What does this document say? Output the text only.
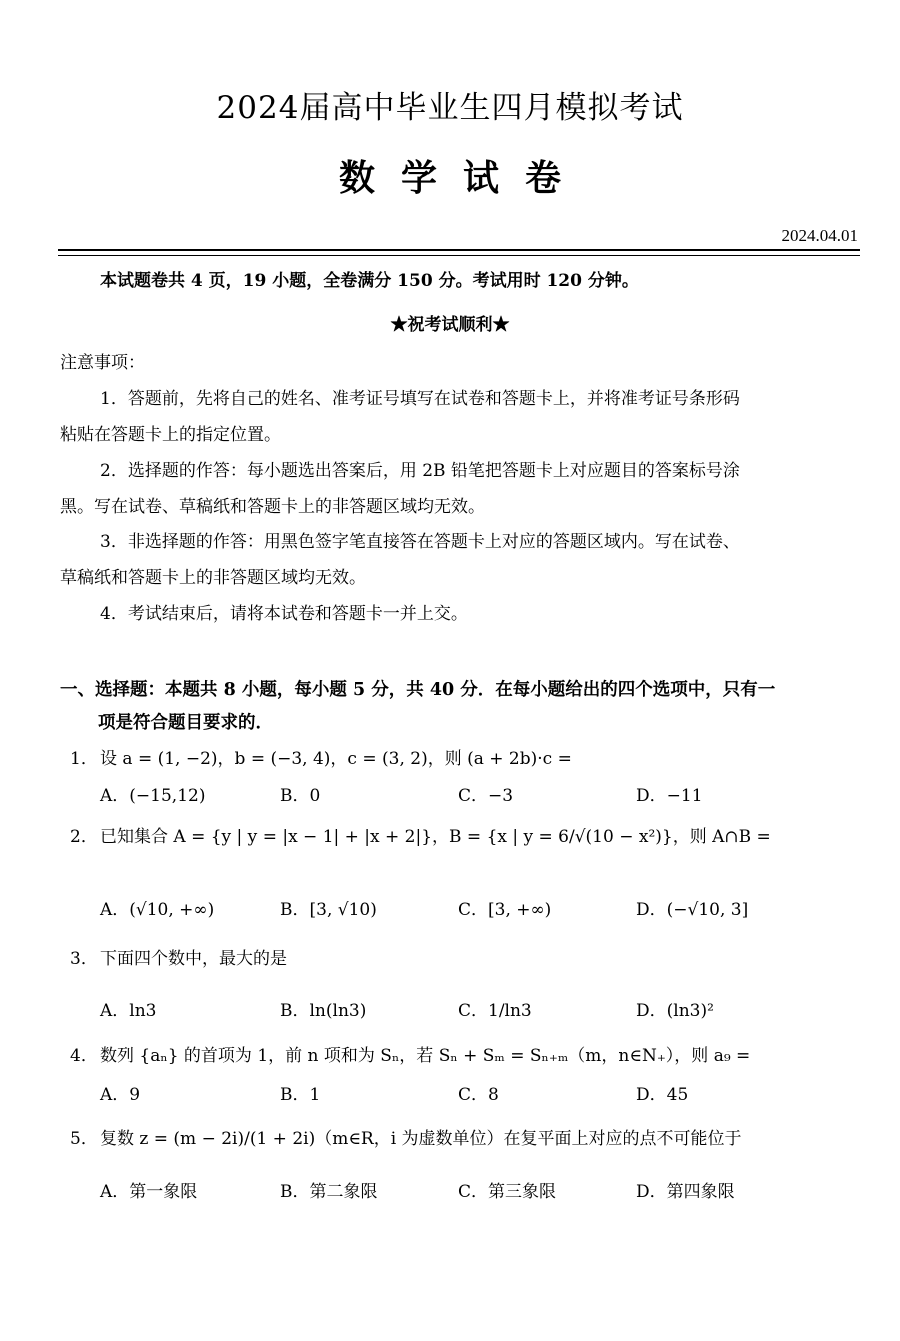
2024届高中毕业生四月模拟考试
数学试卷
2024.04.01
本试题卷共 4 页，19 小题，全卷满分 150 分。考试用时 120 分钟。
★祝考试顺利★
注意事项：
1．答题前，先将自己的姓名、准考证号填写在试卷和答题卡上，并将准考证号条形码
粘贴在答题卡上的指定位置。
2．选择题的作答：每小题选出答案后，用 2B 铅笔把答题卡上对应题目的答案标号涂
黑。写在试卷、草稿纸和答题卡上的非答题区域均无效。
3．非选择题的作答：用黑色签字笔直接答在答题卡上对应的答题区域内。写在试卷、
草稿纸和答题卡上的非答题区域均无效。
4．考试结束后，请将本试卷和答题卡一并上交。
一、选择题：本题共 8 小题，每小题 5 分，共 40 分．在每小题给出的四个选项中，只有一
项是符合题目要求的．
1． 设 a = (1, −2)，b = (−3, 4)，c = (3, 2)，则 (a + 2b)·c =
A．(−15,12)	B．0	C．−3	D．−11
2． 已知集合 A = {y | y = |x − 1| + |x + 2|}，B = {x | y = 6/√(10 − x²)}，则 A∩B =
A．(√10, +∞)	B．[3, √10)	C．[3, +∞)	D．(−√10, 3]
3． 下面四个数中，最大的是
A．ln3	B．ln(ln3)	C．1/ln3	D．(ln3)²
4． 数列 {aₙ} 的首项为 1，前 n 项和为 Sₙ，若 Sₙ + Sₘ = Sₙ₊ₘ（m，n∈N₊），则 a₉ =
A．9	B．1	C．8	D．45
5． 复数 z = (m − 2i)/(1 + 2i)（m∈R，i 为虚数单位）在复平面上对应的点不可能位于
A．第一象限	B．第二象限	C．第三象限	D．第四象限
